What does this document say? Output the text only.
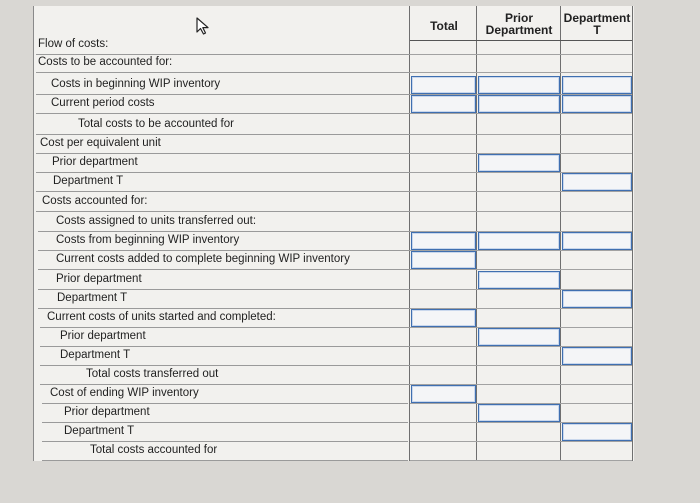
Total
Prior
Department
Department
T
Flow of costs:
Costs to be accounted for:
Costs in beginning WIP inventory
Current period costs
Total costs to be accounted for
Cost per equivalent unit
Prior department
Department T
Costs accounted for:
Costs assigned to units transferred out:
Costs from beginning WIP inventory
Current costs added to complete beginning WIP inventory
Prior department
Department T
Current costs of units started and completed:
Prior department
Department T
Total costs transferred out
Cost of ending WIP inventory
Prior department
Department T
Total costs accounted for
